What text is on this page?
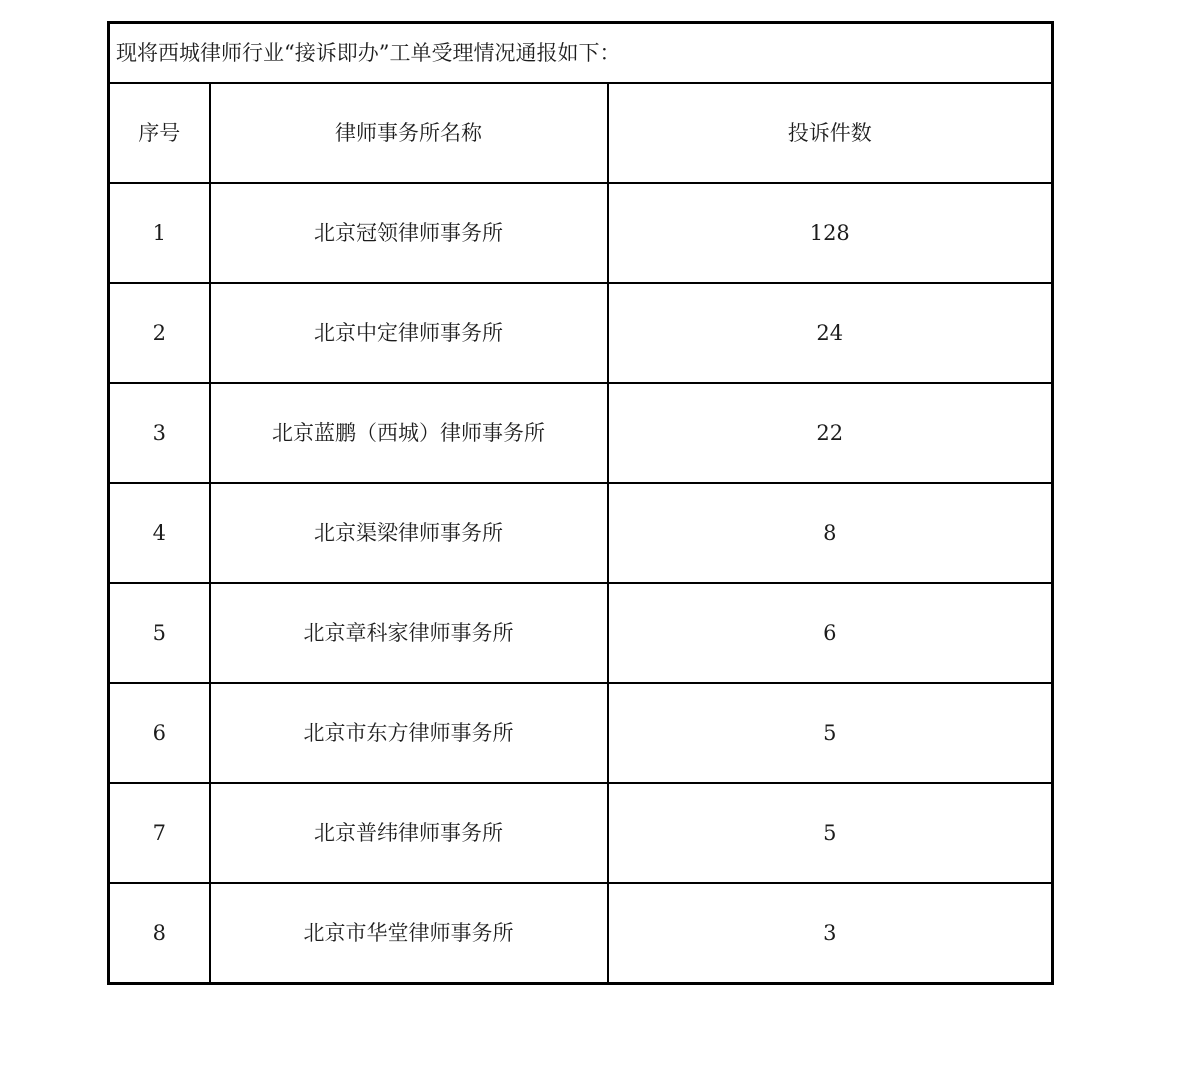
现将西城律师行业“接诉即办”工单受理情况通报如下：		
序号	律师事务所名称	投诉件数
1	北京冠领律师事务所	128
2	北京中定律师事务所	24
3	北京蓝鹏（西城）律师事务所	22
4	北京渠梁律师事务所	8
5	北京章科家律师事务所	6
6	北京市东方律师事务所	5
7	北京普纬律师事务所	5
8	北京市华堂律师事务所	3
